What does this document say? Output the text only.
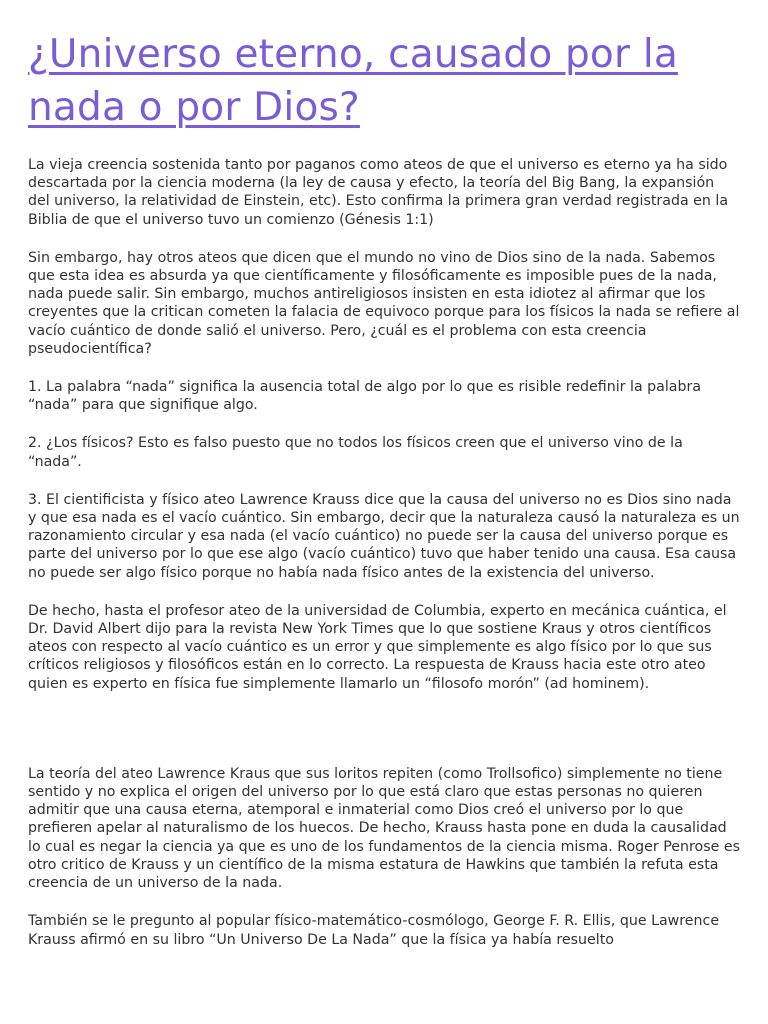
¿Universo eterno, causado por la nada o por Dios?

La vieja creencia sostenida tanto por paganos como ateos de que el universo es eterno ya ha sido descartada por la ciencia moderna (la ley de causa y efecto, la teoría del Big Bang, la expansión del universo, la relatividad de Einstein, etc). Esto confirma la primera gran verdad registrada en la Biblia de que el universo tuvo un comienzo (Génesis 1:1)

Sin embargo, hay otros ateos que dicen que el mundo no vino de Dios sino de la nada. Sabemos que esta idea es absurda ya que científicamente y filosóficamente es imposible pues de la nada, nada puede salir. Sin embargo, muchos antireligiosos insisten en esta idiotez al afirmar que los creyentes que la critican cometen la falacia de equivoco porque para los físicos la nada se refiere al vacío cuántico de donde salió el universo. Pero, ¿cuál es el problema con esta creencia pseudocientífica?

1. La palabra “nada” significa la ausencia total de algo por lo que es risible redefinir la palabra “nada” para que signifique algo.

2. ¿Los físicos? Esto es falso puesto que no todos los físicos creen que el universo vino de la “nada”.

3. El cientificista y físico ateo Lawrence Krauss dice que la causa del universo no es Dios sino nada y que esa nada es el vacío cuántico. Sin embargo, decir que la naturaleza causó la naturaleza es un razonamiento circular y esa nada (el vacío cuántico) no puede ser la causa del universo porque es parte del universo por lo que ese algo (vacío cuántico) tuvo que haber tenido una causa. Esa causa no puede ser algo físico porque no había nada físico antes de la existencia del universo.

De hecho, hasta el profesor ateo de la universidad de Columbia, experto en mecánica cuántica, el Dr. David Albert dijo para la revista New York Times que lo que sostiene Kraus y otros científicos ateos con respecto al vacío cuántico es un error y que simplemente es algo físico por lo que sus críticos religiosos y filosóficos están en lo correcto. La respuesta de Krauss hacia este otro ateo quien es experto en física fue simplemente llamarlo un “filosofo morón” (ad hominem).

La teoría del ateo Lawrence Kraus que sus loritos repiten (como Trollsofico) simplemente no tiene sentido y no explica el origen del universo por lo que está claro que estas personas no quieren admitir que una causa eterna, atemporal e inmaterial como Dios creó el universo por lo que prefieren apelar al naturalismo de los huecos. De hecho, Krauss hasta pone en duda la causalidad lo cual es negar la ciencia ya que es uno de los fundamentos de la ciencia misma. Roger Penrose es otro critico de Krauss y un científico de la misma estatura de Hawkins que también la refuta esta creencia de un universo de la nada.

También se le pregunto al popular físico-matemático-cosmólogo, George F. R. Ellis, que Lawrence Krauss afirmó en su libro “Un Universo De La Nada” que la física ya había resuelto
